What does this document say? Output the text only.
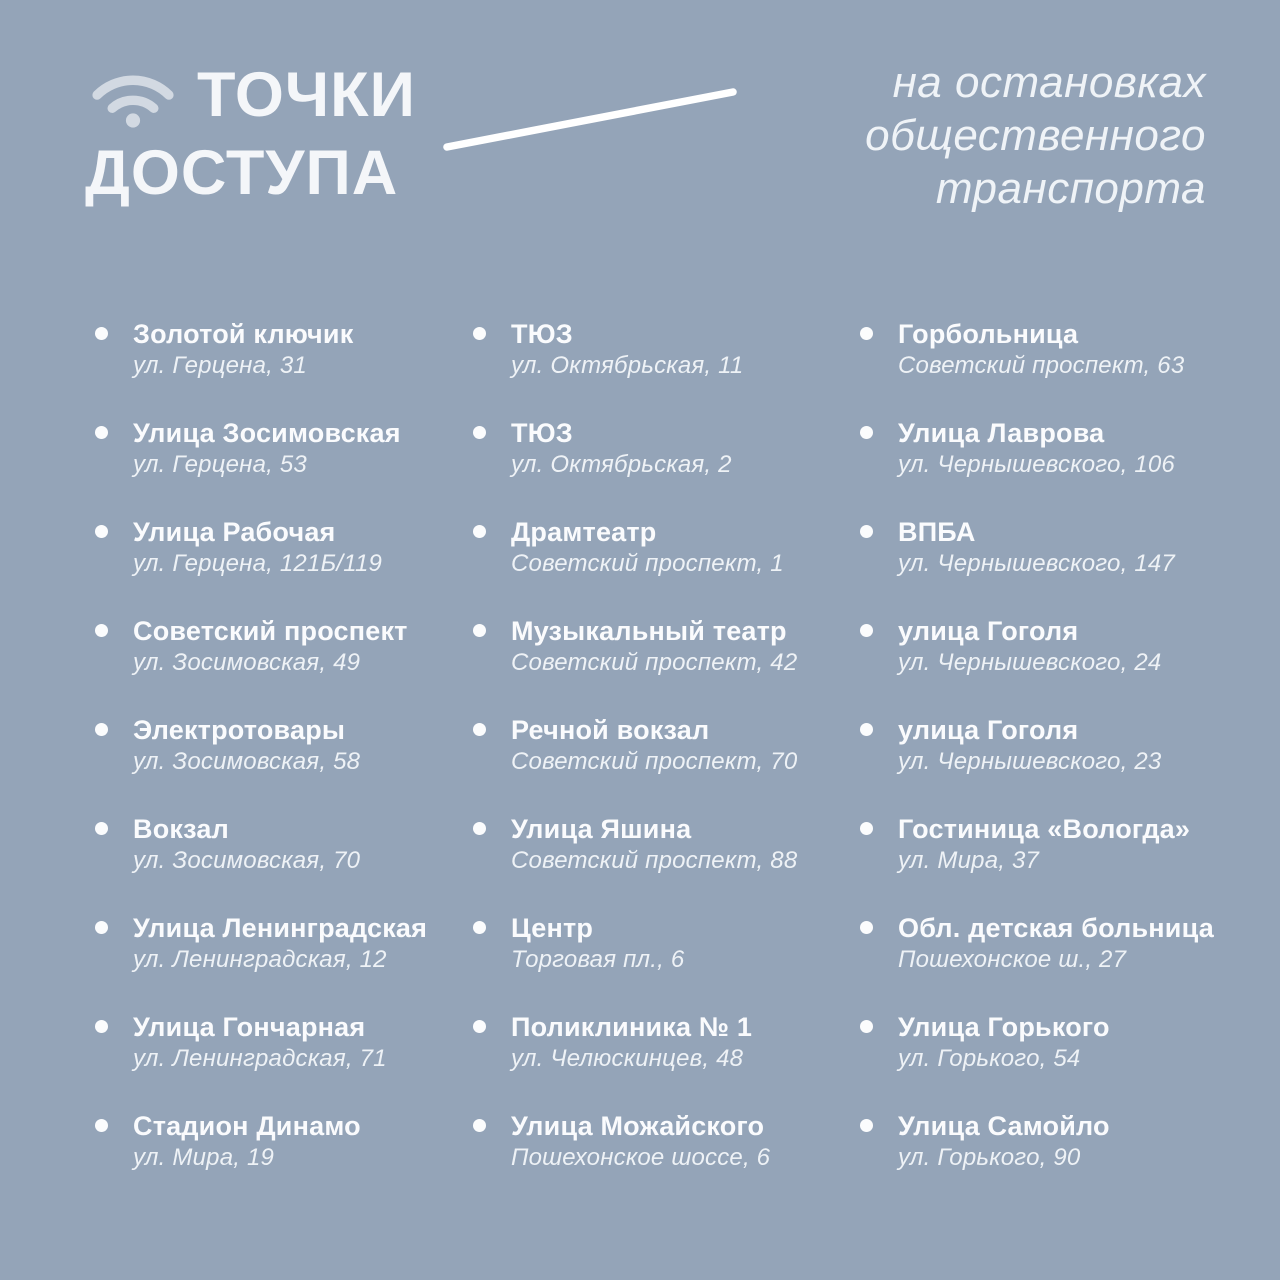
ТОЧКИ
ДОСТУПА
на остановках
общественного
транспорта
Золотой ключик
ул. Герцена, 31
Улица Зосимовская
ул. Герцена, 53
Улица Рабочая
ул. Герцена, 121Б/119
Советский проспект
ул. Зосимовская, 49
Электротовары
ул. Зосимовская, 58
Вокзал
ул. Зосимовская, 70
Улица Ленинградская
ул. Ленинградская, 12
Улица Гончарная
ул. Ленинградская, 71
Стадион Динамо
ул. Мира, 19
ТЮЗ
ул. Октябрьская, 11
ТЮЗ
ул. Октябрьская, 2
Драмтеатр
Советский проспект, 1
Музыкальный театр
Советский проспект, 42
Речной вокзал
Советский проспект, 70
Улица Яшина
Советский проспект, 88
Центр
Торговая пл., 6
Поликлиника № 1
ул. Челюскинцев, 48
Улица Можайского
Пошехонское шоссе, 6
Горбольница
Советский проспект, 63
Улица Лаврова
ул. Чернышевского, 106
ВПБА
ул. Чернышевского, 147
улица Гоголя
ул. Чернышевского, 24
улица Гоголя
ул. Чернышевского, 23
Гостиница «Вологда»
ул. Мира, 37
Обл. детская больница
Пошехонское ш., 27
Улица Горького
ул. Горького, 54
Улица Самойло
ул. Горького, 90
